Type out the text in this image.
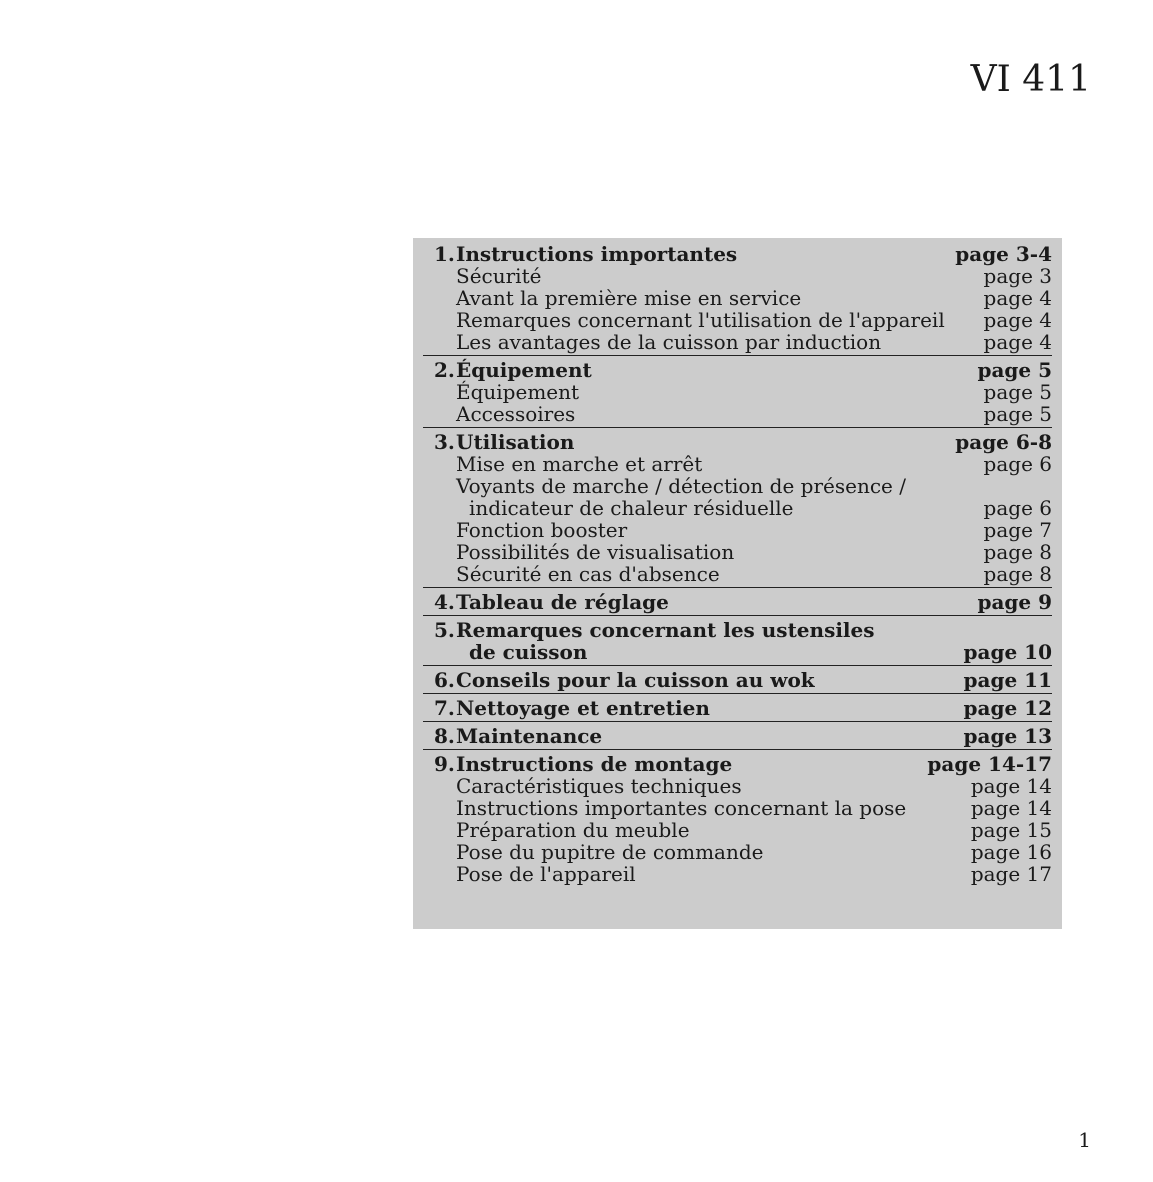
VI 411
1. Instructions importantes	page 3-4
Sécurité	page 3
Avant la première mise en service	page 4
Remarques concernant l'utilisation de l'appareil page 4
Les avantages de la cuisson par induction	page 4
2. Équipement	page 5
Équipement	page 5
Accessoires	page 5
3. Utilisation	page 6-8
Mise en marche et arrêt	page 6
Voyants de marche / détection de présence /
indicateur de chaleur résiduelle	page 6
Fonction booster	page 7
Possibilités de visualisation	page 8
Sécurité en cas d'absence	page 8
4. Tableau de réglage	page 9
5. Remarques concernant les ustensiles
de cuisson	page 10
6. Conseils pour la cuisson au wok	page 11
7. Nettoyage et entretien	page 12
8. Maintenance	page 13
9. Instructions de montage	page 14-17
Caractéristiques techniques	page 14
Instructions importantes concernant la pose	page 14
Préparation du meuble	page 15
Pose du pupitre de commande	page 16
Pose de l'appareil	page 17
1
